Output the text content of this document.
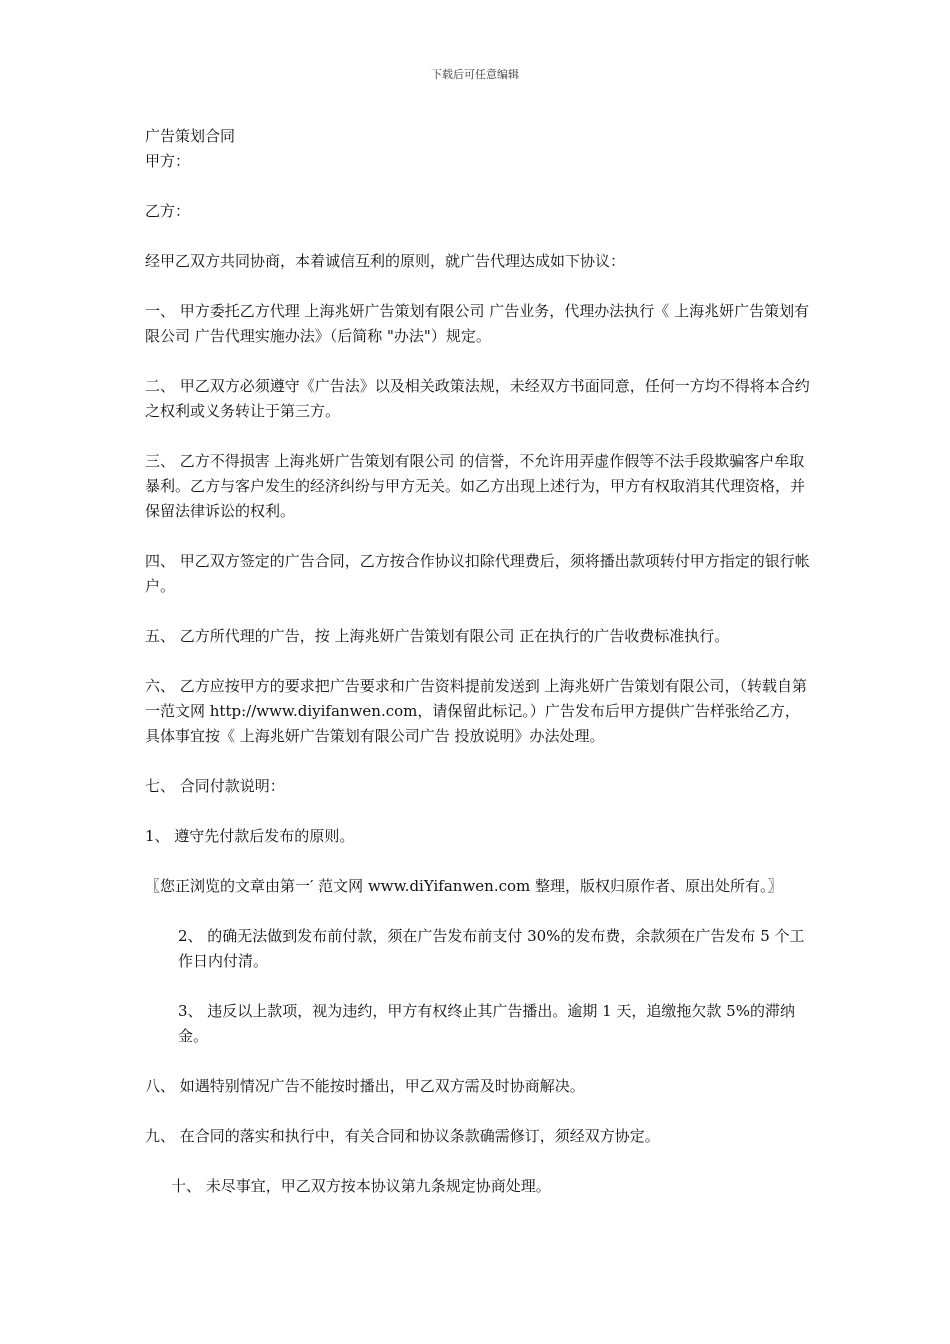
下载后可任意编辑

广告策划合同

甲方：

乙方：

经甲乙双方共同协商，本着诚信互利的原则，就广告代理达成如下协议：

一、 甲方委托乙方代理 上海兆妍广告策划有限公司 广告业务，代理办法执行《 上海兆妍广告策划有限公司 广告代理实施办法》（后简称 "办法"）规定。

二、 甲乙双方必须遵守《广告法》以及相关政策法规，未经双方书面同意，任何一方均不得将本合约之权利或义务转让于第三方。

三、 乙方不得损害 上海兆妍广告策划有限公司 的信誉，不允许用弄虚作假等不法手段欺骗客户牟取暴利。乙方与客户发生的经济纠纷与甲方无关。如乙方出现上述行为，甲方有权取消其代理资格，并保留法律诉讼的权利。

四、 甲乙双方签定的广告合同，乙方按合作协议扣除代理费后，须将播出款项转付甲方指定的银行帐户。

五、 乙方所代理的广告，按 上海兆妍广告策划有限公司 正在执行的广告收费标准执行。

六、 乙方应按甲方的要求把广告要求和广告资料提前发送到 上海兆妍广告策划有限公司，（转载自第一范文网 http://www.diyifanwen.com，请保留此标记。）广告发布后甲方提供广告样张给乙方，具体事宜按《 上海兆妍广告策划有限公司广告 投放说明》办法处理。

七、 合同付款说明：

1、 遵守先付款后发布的原则。

〖您正浏览的文章由第一′ 范文网 www.diYifanwen.com 整理，版权归原作者、原出处所有。〗

2、 的确无法做到发布前付款，须在广告发布前支付 30%的发布费，余款须在广告发布 5 个工作日内付清。

3、 违反以上款项，视为违约，甲方有权终止其广告播出。逾期 1 天，追缴拖欠款 5%的滞纳金。

八、 如遇特别情况广告不能按时播出，甲乙双方需及时协商解决。

九、 在合同的落实和执行中，有关合同和协议条款确需修订，须经双方协定。

十、 未尽事宜，甲乙双方按本协议第九条规定协商处理。
